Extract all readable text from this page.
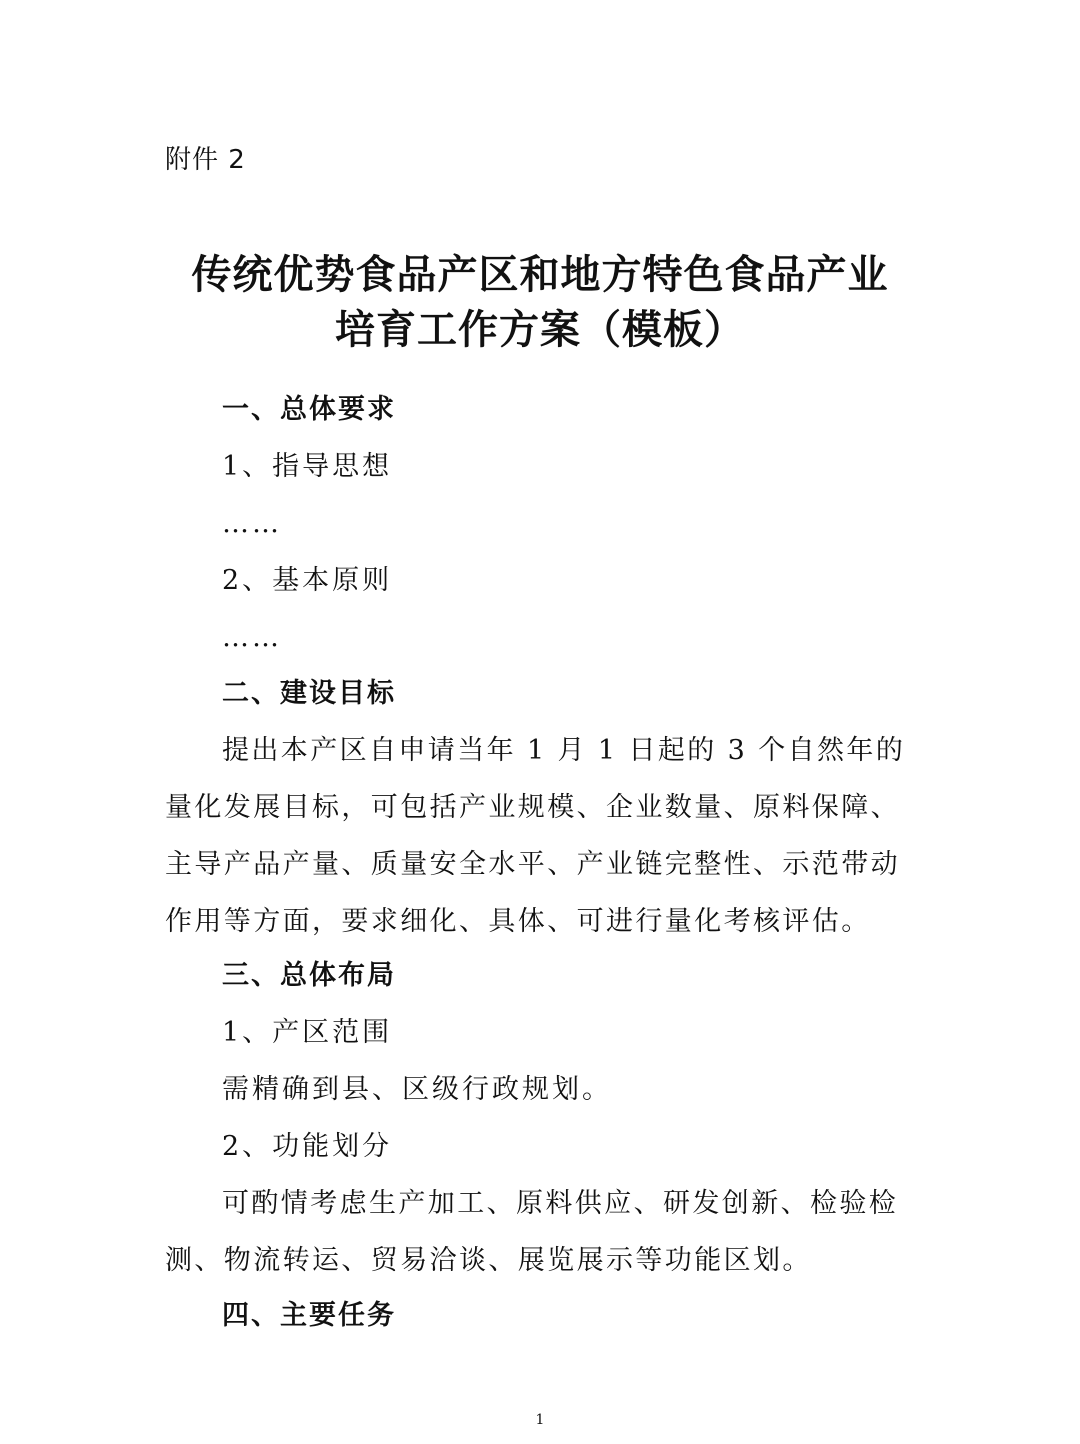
附件 2
传统优势食品产区和地方特色食品产业
培育工作方案（模板）
一、总体要求
1、指导思想
……
2、基本原则
……
二、建设目标
提出本产区自申请当年 1 月 1 日起的 3 个自然年的量化发展目标，可包括产业规模、企业数量、原料保障、主导产品产量、质量安全水平、产业链完整性、示范带动作用等方面，要求细化、具体、可进行量化考核评估。
三、总体布局
1、产区范围
需精确到县、区级行政规划。
2、功能划分
可酌情考虑生产加工、原料供应、研发创新、检验检测、物流转运、贸易洽谈、展览展示等功能区划。
四、主要任务
1
